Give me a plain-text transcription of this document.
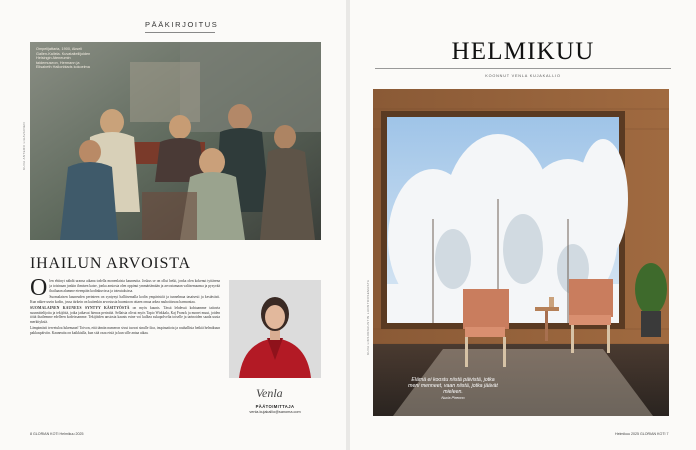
PÄÄKIRJOITUS
Ompelijattaria, 1900, Akseli Gallen-Kallela. Kuvataiteilijoiden Helsingin Ateneumin taidemuseon, Hermann ja Elisabeth Hallonblads kokoelma
KUVA ANTERO LIHAVAINEN
IHAILUN ARVOISTA
O len ehtinyt nähdä uransa aikana todella monenlaista kauneutta. Joskus se on ollut hetki, jonka olen kokenut tyttärena ja toisinaan jonkin ihmisen katse, jonka ansiosta olen oppinut ymmärtämään ja arvostamaan valitsemaansa ja pysyvää ihailuaan alamme eteenpäin kodinkuvissa ja toteutuksissa.

Suomalaisen kauneuden perinteen on syntynyt hallitsemalla kodin ympäristöä ja tunnelmaa tasaisesti ja kestävästi. Kun näkee usein kodin, jossa tärkein on kuitenkin arvostusta huomioon ottaen omaa arkea rauhoittavaa harmoniaa.

SUOMALAINEN KAUNEUS SYNTYY KÄSITYÖSTÄ on myös kaunis. Tässä lehdessä kohtaamme taitavia suunnittelijoita ja tekijöitä, jotka jatkavat hienoa perintöä. Sellaisia olivat myös Tapio Wirkkala, Kaj Franck ja monet muut, joiden töitä ihailemme edelleen kodeissamme. Tekijöiden ansiosta kaunis esine voi kulkea sukupolvelta toiselle ja tarinoiden saada uusia merkityksiä.

Lämpimästi tervetuloa lukemaan! Toivon, että tämän numeron sivut tuovat sinulle iloa, inspiraatiota ja rauhallisia hetkiä helmikuun pakkaspäiviin. Kauneutta on kaikkialla, kun sitä osaa etsiä ja kun sille antaa aikaa.

Venla
PÄÄTOIMITTAJA
venla.kujakallio@sanoma.com
8 GLORIAN KOTI Helmikuu 2025
HELMIKUU
KOONNUT VENLA KUJAKALLIO
KUVA LIKSIIKNAUSTIN LUONTOOSEMASTA
Elämä ei koostu niistä päivistä, jotka meni menneet, vaan niistä, jotka jäävät mieleen.
Nuria Pirenno
Helmikuu 2025 GLORIAN KOTI 7
